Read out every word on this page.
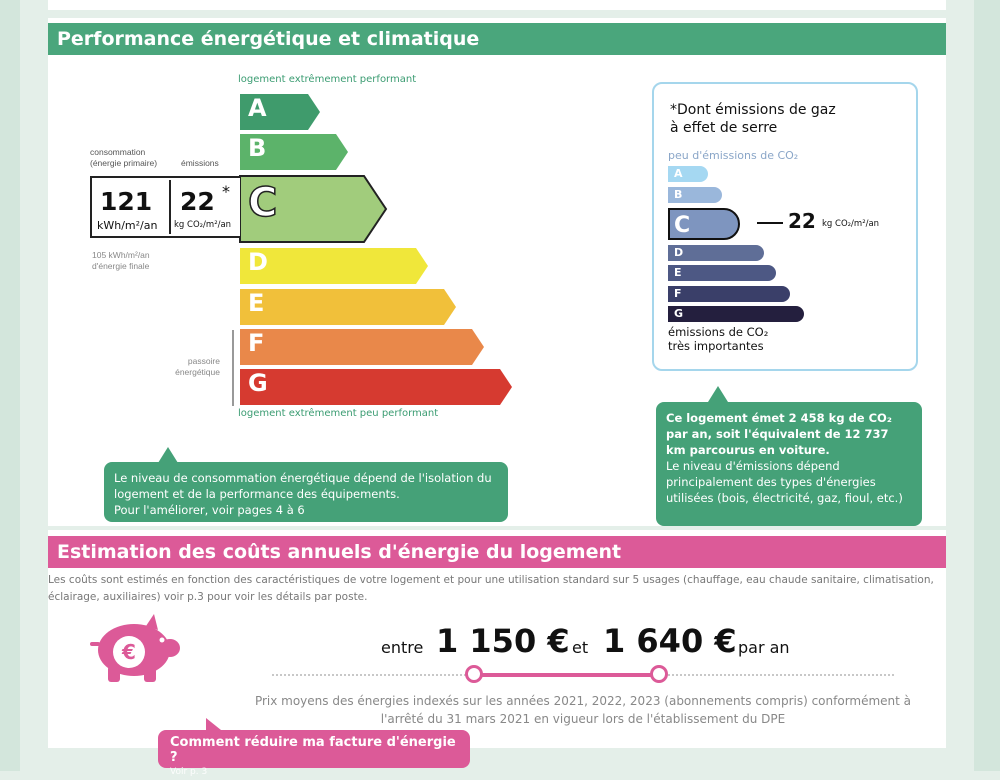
Performance énergétique et climatique
logement extrêmement performant
logement extrêmement peu performant
A
B
C
D
E
F
G
consommation
(énergie primaire)	émissions
121
kWh/m²/an
22 *
kg CO₂/m²/an
105 kWh/m²/an
d'énergie finale
passoire
énergétique
Le niveau de consommation énergétique dépend de l'isolation du logement et de la performance des équipements.
Pour l'améliorer, voir pages 4 à 6
*Dont émissions de gaz
à effet de serre
peu d'émissions de CO₂
A
B
C
D
E
F
G
22 kg CO₂/m²/an
émissions de CO₂
très importantes
Ce logement émet 2 458 kg de CO₂ par an, soit l'équivalent de 12 737 km parcourus en voiture.
Le niveau d'émissions dépend principalement des types d'énergies utilisées (bois, électricité, gaz, fioul, etc.)
Estimation des coûts annuels d'énergie du logement
Les coûts sont estimés en fonction des caractéristiques de votre logement et pour une utilisation standard sur 5 usages (chauffage, eau chaude sanitaire, climatisation, éclairage, auxiliaires) voir p.3 pour voir les détails par poste.
€	entre 1 150 € et 1 640 € par an
Prix moyens des énergies indexés sur les années 2021, 2022, 2023 (abonnements compris) conformément à l'arrêté du 31 mars 2021 en vigueur lors de l'établissement du DPE
Comment réduire ma facture d'énergie ?
Voir p. 3
